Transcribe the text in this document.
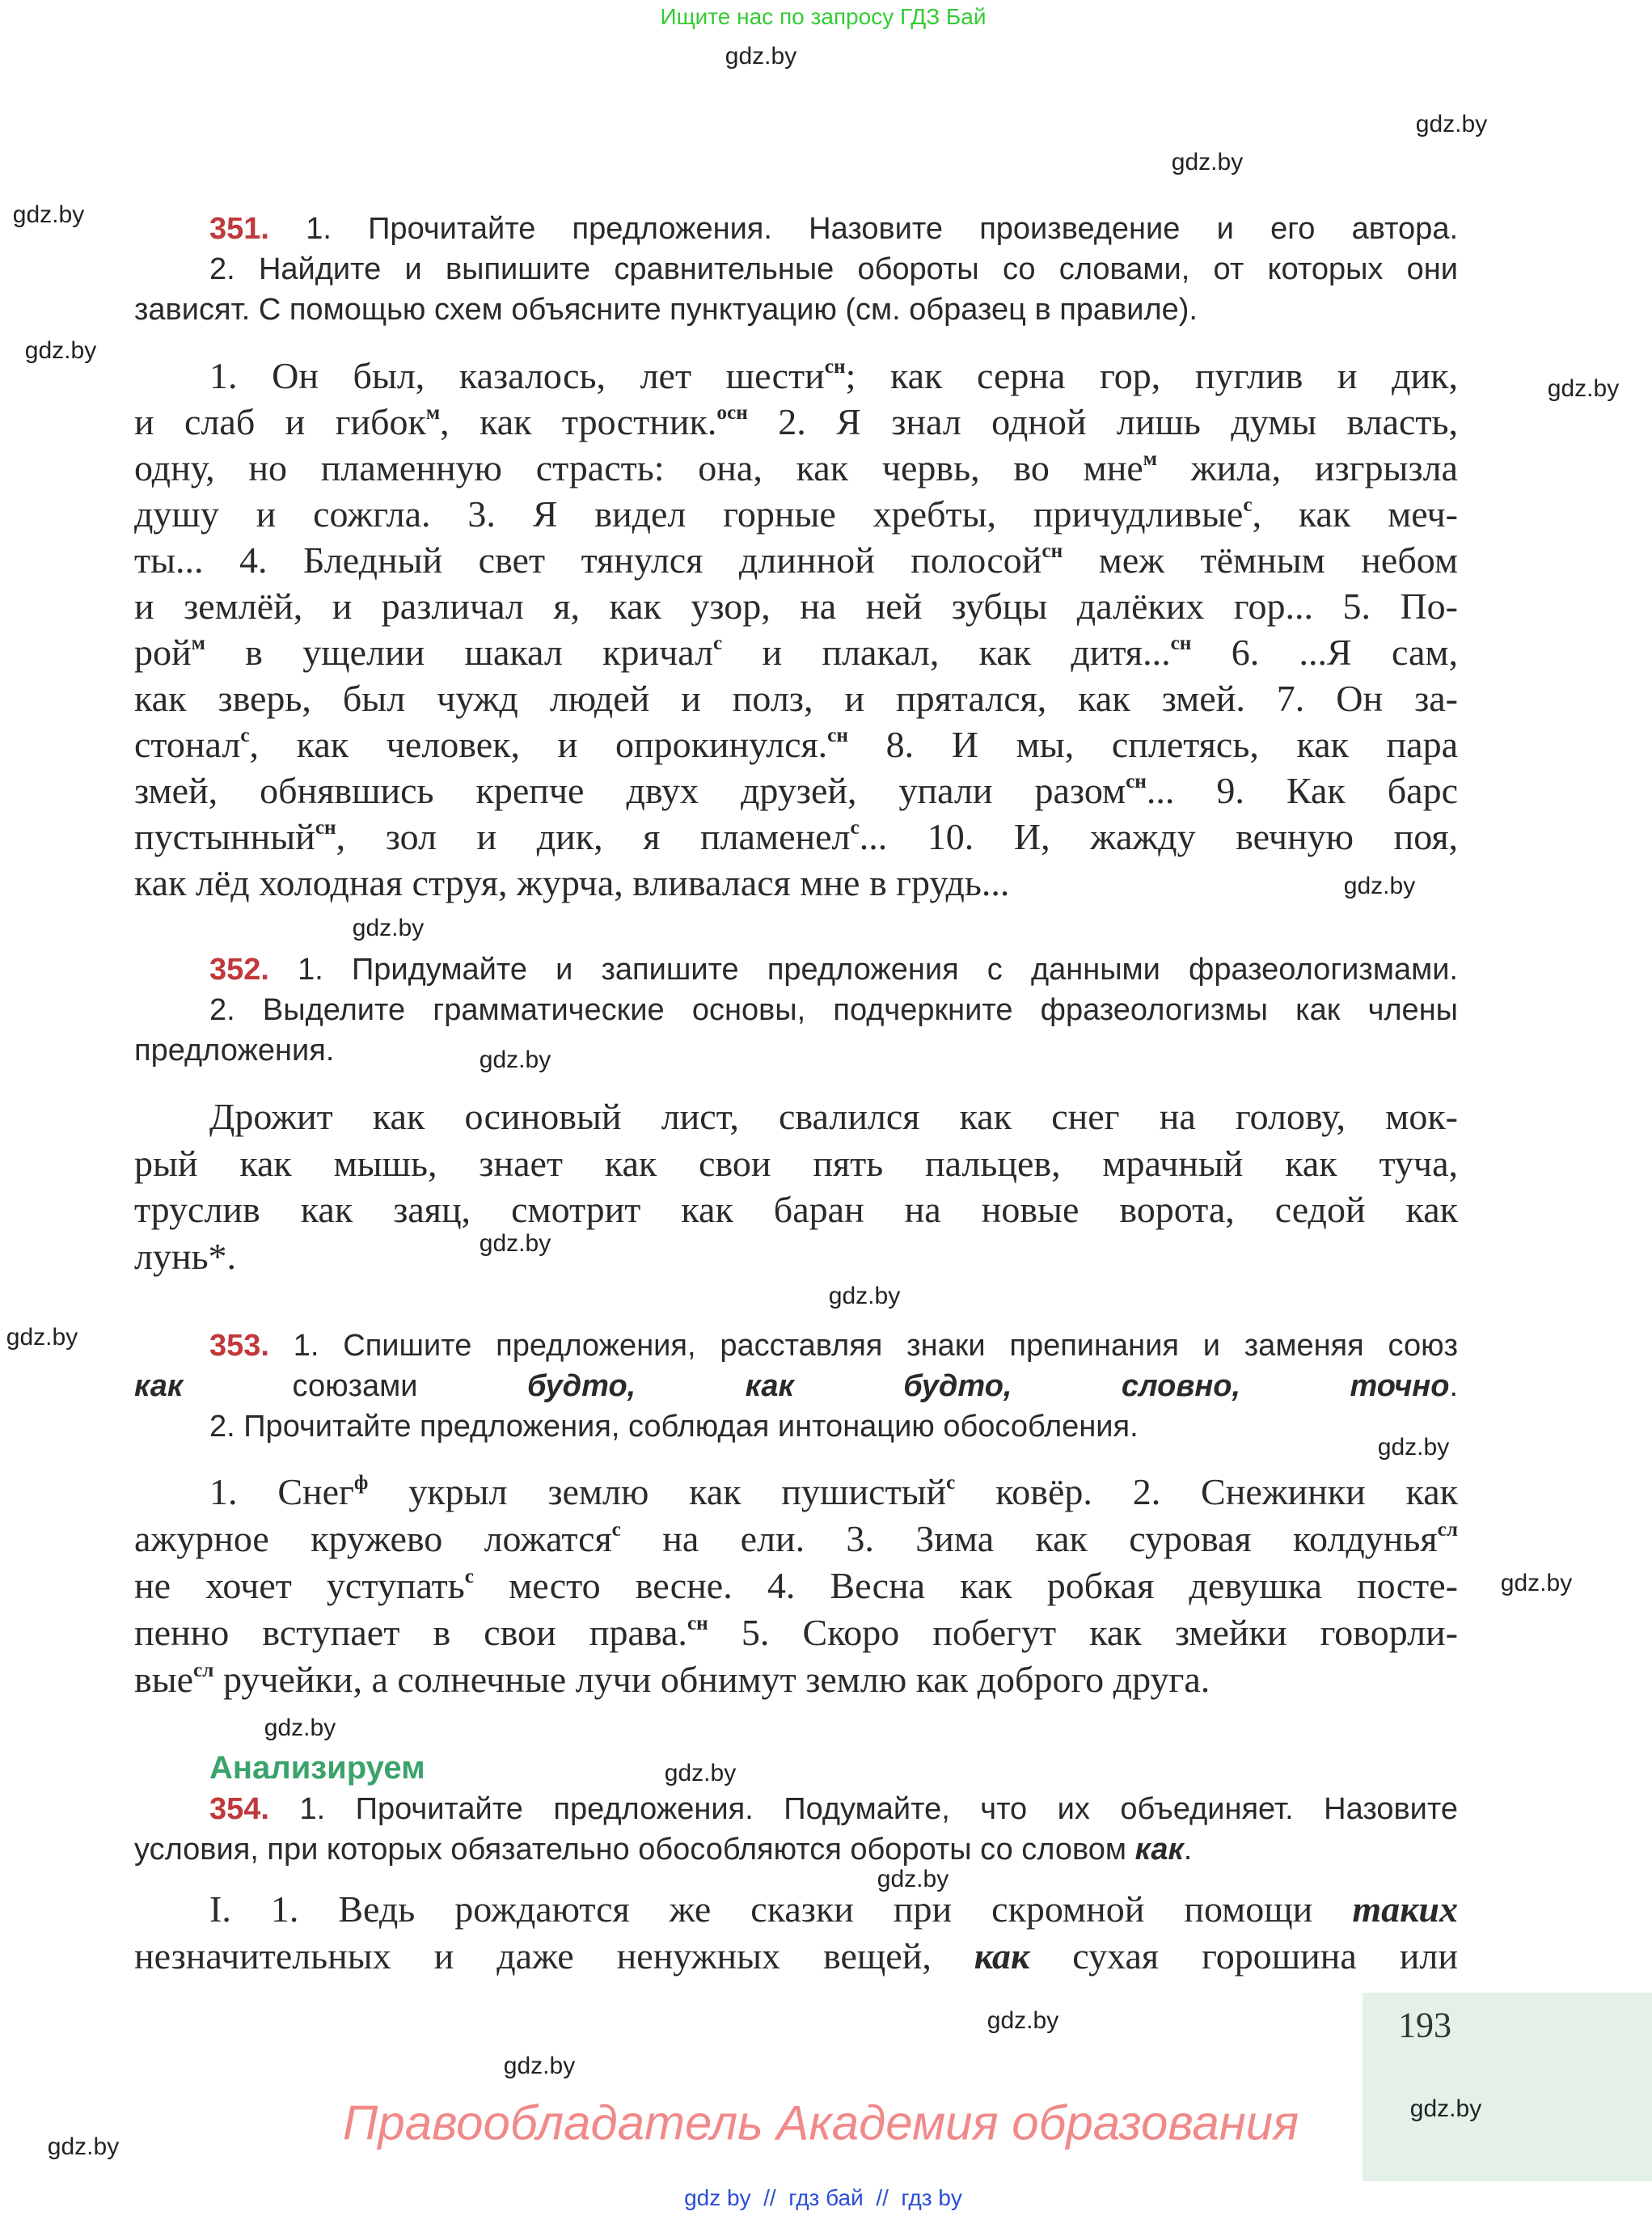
Ищите нас по запросу ГДЗ Бай
351. 1. Прочитайте предложения. Назовите произведение и его автора.
2. Найдите и выпишите сравнительные обороты со словами, от которых они
зависят. С помощью схем объясните пунктуацию (см. образец в правиле).
1. Он был, казалось, лет шести$^{сн}$; как серна гор, пуглив и дик,
и слаб и гибок$^м$, как тростник.$^{осн}$ 2. Я знал одной лишь думы власть,
одну, но пламенную страсть: она, как червь, во мне$^м$ жила, изгрызла
душу и сожгла. 3. Я видел горные хребты, причудливые$^с$, как меч-
ты... 4. Бледный свет тянулся длинной полосой$^{сн}$ меж тёмным небом
и землёй, и различал я, как узор, на ней зубцы далёких гор... 5. По-
рой$^м$ в ущелии шакал кричал$^с$ и плакал, как дитя...$^{сн}$ 6. ...Я сам,
как зверь, был чужд людей и полз, и прятался, как змей. 7. Он за-
стонал$^с$, как человек, и опрокинулся.$^{сн}$ 8. И мы, сплетясь, как пара
змей, обнявшись крепче двух друзей, упали разом$^{сн}$... 9. Как барс
пустынный$^{сн}$, зол и дик, я пламенел$^с$... 10. И, жажду вечную поя,
как лёд холодная струя, журча, вливалася мне в грудь...
352. 1. Придумайте и запишите предложения с данными фразеологизмами.
2. Выделите грамматические основы, подчеркните фразеологизмы как члены
предложения.
Дрожит как осиновый лист, свалился как снег на голову, мок-
рый как мышь, знает как свои пять пальцев, мрачный как туча,
труслив как заяц, смотрит как баран на новые ворота, седой как
лунь*.
353. 1. Спишите предложения, расставляя знаки препинания и заменяя союз
как союзами будто, как будто, словно, точно.
2. Прочитайте предложения, соблюдая интонацию обособления.
1. Снег$^ф$ укрыл землю как пушистый$^с$ ковёр. 2. Снежинки как
ажурное кружево ложатся$^с$ на ели. 3. Зима как суровая колдунья$^{сл}$
не хочет уступать$^с$ место весне. 4. Весна как робкая девушка посте-
пенно вступает в свои права.$^{сн}$ 5. Скоро побегут как змейки говорли-
вые$^{сл}$ ручейки, а солнечные лучи обнимут землю как доброго друга.
Анализируем
354. 1. Прочитайте предложения. Подумайте, что их объединяет. Назовите
условия, при которых обязательно обособляются обороты со словом как.
I. 1. Ведь рождаются же сказки при скромной помощи таких
незначительных и даже ненужных вещей, как сухая горошина или
193
Правообладатель Академия образования
gdz by  //  гдз бай  //  гдз by
gdz.by
gdz.by
gdz.by
gdz.by
gdz.by
gdz.by
gdz.by
gdz.by
gdz.by
gdz.by
gdz.by
gdz.by
gdz.by
gdz.by
gdz.by
gdz.by
gdz.by
gdz.by
gdz.by
gdz.by
gdz.by
